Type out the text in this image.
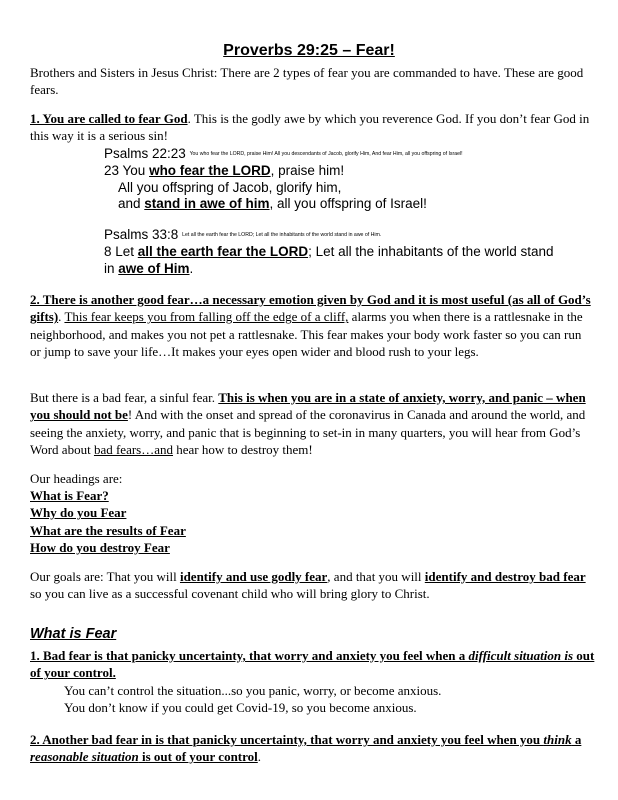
Proverbs 29:25 – Fear!
Brothers and Sisters in Jesus Christ: There are 2 types of fear you are commanded to have. These are good fears.
1. You are called to fear God. This is the godly awe by which you reverence God. If you don’t fear God in this way it is a serious sin!
Psalms 22:23 You who fear the LORD, praise Him! All you descendants of Jacob, glorify Him, And fear Him, all you offspring of Israel!
23 You who fear the LORD, praise him!
All you offspring of Jacob, glorify him,
and stand in awe of him, all you offspring of Israel!
Psalms 33:8 Let all the earth fear the LORD; Let all the inhabitants of the world stand in awe of Him.
8 Let all the earth fear the LORD; Let all the inhabitants of the world stand
in awe of Him.
2. There is another good fear…a necessary emotion given by God and it is most useful (as all of God’s gifts). This fear keeps you from falling off the edge of a cliff, alarms you when there is a rattlesnake in the neighborhood, and makes you not pet a rattlesnake. This fear makes your body work faster so you can run or jump to save your life…It makes your eyes open wider and blood rush to your legs.
But there is a bad fear, a sinful fear. This is when you are in a state of anxiety, worry, and panic – when you should not be! And with the onset and spread of the coronavirus in Canada and around the world, and seeing the anxiety, worry, and panic that is beginning to set-in in many quarters, you will hear from God’s Word about bad fears…and hear how to destroy them!
Our headings are:
What is Fear?
Why do you Fear
What are the results of Fear
How do you destroy Fear
Our goals are: That you will identify and use godly fear, and that you will identify and destroy bad fear so you can live as a successful covenant child who will bring glory to Christ.
What is Fear
1. Bad fear is that panicky uncertainty, that worry and anxiety you feel when a difficult situation is out of your control.
You can’t control the situation...so you panic, worry, or become anxious.
You don’t know if you could get Covid-19, so you become anxious.
2. Another bad fear in is that panicky uncertainty, that worry and anxiety you feel when you think a reasonable situation is out of your control.
